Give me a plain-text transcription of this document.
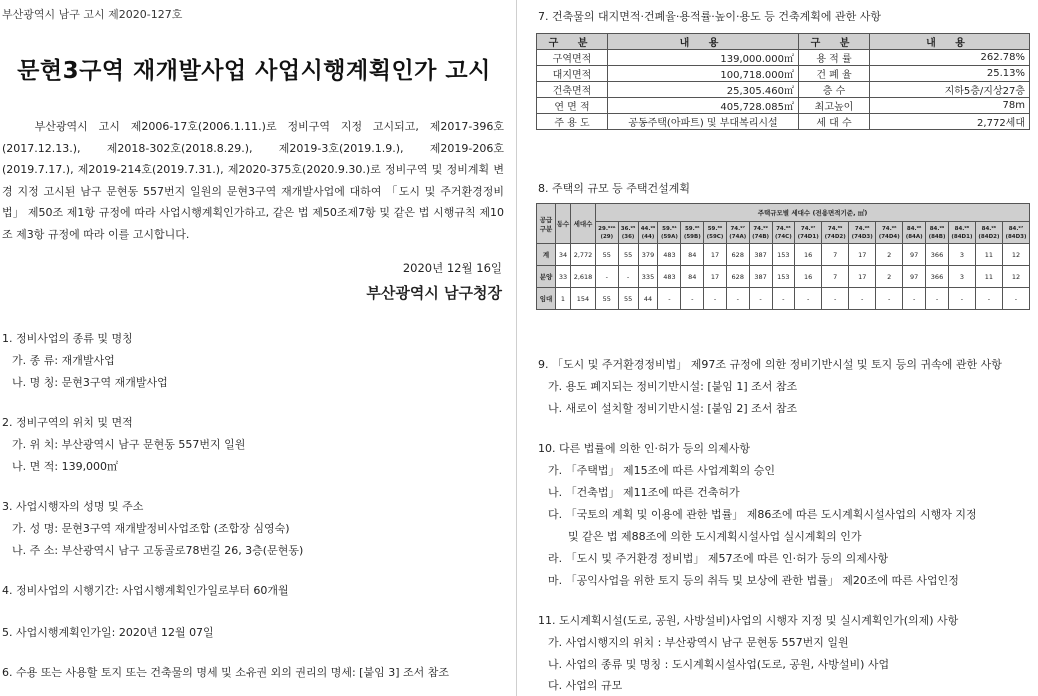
부산광역시 남구 고시 제2020-127호
문현3구역 재개발사업 사업시행계획인가 고시
부산광역시 고시 제2006-17호(2006.1.11.)로 정비구역 지정 고시되고, 제2017-396호(2017.12.13.), 제2018-302호(2018.8.29.), 제2019-3호(2019.1.9.), 제2019-206호(2019.7.17.), 제2019-214호(2019.7.31.), 제2020-375호(2020.9.30.)로 정비구역 및 정비계획 변경 지정 고시된 남구 문현동 557번지 일원의 문현3구역 재개발사업에 대하여 「도시 및 주거환경정비법」 제50조 제1항 규정에 따라 사업시행계획인가하고, 같은 법 제50조제7항 및 같은 법 시행규칙 제10조 제3항 규정에 따라 이를 고시합니다.
2020년 12월 16일
부산광역시 남구청장
1. 정비사업의 종류 및 명칭
가. 종 류: 재개발사업
나. 명 칭: 문현3구역 재개발사업
2. 정비구역의 위치 및 면적
가. 위 치: 부산광역시 남구 문현동 557번지 일원
나. 면 적: 139,000㎡
3. 사업시행자의 성명 및 주소
가. 성 명: 문현3구역 재개발정비사업조합 (조합장 심영숙)
나. 주 소: 부산광역시 남구 고동골로78번길 26, 3층(문현동)
4. 정비사업의 시행기간: 사업시행계획인가일로부터 60개월
5. 사업시행계획인가일: 2020년 12월 07일
6. 수용 또는 사용할 토지 또는 건축물의 명세 및 소유권 외의 권리의 명세: [붙임 3] 조서 참조
7. 건축물의 대지면적·건폐율·용적률·높이·용도 등 건축계획에 관한 사항
구 분	내 용	구 분	내 용
구역면적	139,000.000㎡	용 적 률	262.78%
대지면적	100,718.000㎡	건 폐 율	25.13%
건축면적	25,305.460㎡	층 수	지하5층/지상27층
연 면 적	405,728.085㎡	최고높이	78m
주 용 도	공동주택(아파트) 및 부대복리시설	세 대 수	2,772세대
8. 주택의 규모 등 주택건설계획
공급구분	동수	세대수	주택규모별 세대수 (전용면적기준, ㎡)																	
			29.⁹²ᴬ (29)	36.⁹⁵ (36)	44.⁹⁹ (44)	59.⁸⁴ (59A)	59.⁹⁶ (59B)	59.⁸⁰ (59C)	74.⁹⁷ (74A)	74.⁹⁹ (74B)	74.⁹⁸ (74C)	74.⁹⁷ (74D1)	74.⁸⁹ (74D2)	74.⁹⁸ (74D3)	74.⁹⁶ (74D4)	84.⁹⁶ (84A)	84.⁹⁹ (84B)	84.⁹⁸ (84D1)	84.⁹⁶ (84D2)	84.⁹⁷ (84D3)
계	34	2,772	55	55	379	483	84	17	628	387	153	16	7	17	2	97	366	3	11	12
분양	33	2,618	-	-	335	483	84	17	628	387	153	16	7	17	2	97	366	3	11	12
임대	1	154	55	55	44	-	-	-	-	-	-	-	-	-	-	-	-	-	-	-
9. 「도시 및 주거환경정비법」 제97조 규정에 의한 정비기반시설 및 토지 등의 귀속에 관한 사항
가. 용도 폐지되는 정비기반시설: [붙임 1] 조서 참조
나. 새로이 설치할 정비기반시설: [붙임 2] 조서 참조
10. 다른 법률에 의한 인·허가 등의 의제사항
가. 「주택법」 제15조에 따른 사업계획의 승인
나. 「건축법」 제11조에 따른 건축허가
다. 「국토의 계획 및 이용에 관한 법률」 제86조에 따른 도시계획시설사업의 시행자 지정
및 같은 법 제88조에 의한 도시계획시설사업 실시계획의 인가
라. 「도시 및 주거환경 정비법」 제57조에 따른 인·허가 등의 의제사항
마. 「공익사업을 위한 토지 등의 취득 및 보상에 관한 법률」 제20조에 따른 사업인정
11. 도시계획시설(도로, 공원, 사방설비)사업의 시행자 지정 및 실시계획인가(의제) 사항
가. 사업시행지의 위치 : 부산광역시 남구 문현동 557번지 일원
나. 사업의 종류 및 명칭 : 도시계획시설사업(도로, 공원, 사방설비) 사업
다. 사업의 규모
